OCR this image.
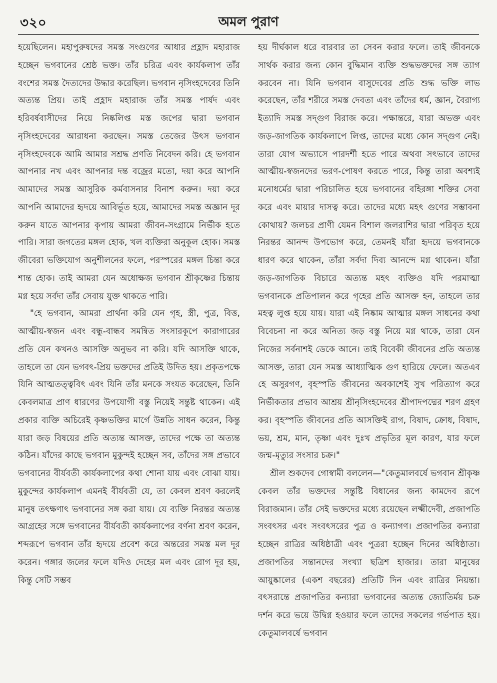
৩২০	অমল পুরাণ

হয়েছিলেন। মহাপুরুষদের সমস্ত সংগুণের আধার প্রহ্লাদ মহারাজ হচ্ছেন ভগবানের শ্রেষ্ঠ ভক্ত। তাঁর চরিত্র এবং কার্যকলাপ তাঁর বংশের সমস্ত দৈত্যদের উদ্ধার করেছিল। ভগবান নৃসিংহদেবের তিনি অত্যন্ত প্রিয়। তাই প্রহ্লাদ মহারাজ তাঁর সমস্ত পার্ষদ এবং হরিবর্ষবাসীদের নিয়ে নিষ্কলিপ্ত মস্ত জপের দ্বারা ভগবান নৃসিংহদেবের আরাধনা করছেন। সমস্ত তেজের উৎস ভগবান নৃসিংহদেবকে আমি আমার সশ্রদ্ধ প্রণতি নিবেদন করি। হে ভগবান আপনার নখ এবং আপনার দন্ত বজ্রের মতো, দয়া করে আপনি আমাদের সমস্ত আসুরিক কর্মবাসনার বিনাশ করুন। দয়া করে আপনি আমাদের হৃদয়ে আবির্ভূত হয়ে, আমাদের সমস্ত অজ্ঞান দূর করুন যাতে আপনার কৃপায় আমরা জীবন-সংগ্রামে নির্ভীক হতে পারি। সারা জগতের মঙ্গল হোক, খল ব্যক্তিরা অনুকূল হোক। সমস্ত জীবেরা ভক্তিযোগ অনুশীলনের ফলে, পরস্পরের মঙ্গল চিন্তা করে শান্ত হোক। তাই আমরা যেন অধোক্ষজ ভগবান শ্রীকৃষ্ণের চিন্তায় মগ্ন হয়ে সর্বদা তাঁর সেবায় যুক্ত থাকতে পারি।

"হে ভগবান, আমরা প্রার্থনা করি যেন গৃহ, স্ত্রী, পুত্র, বিত্ত, আত্মীয়-স্বজন এবং বন্ধু-বান্ধব সমন্বিত সংসারকূপে কারাগারের প্রতি যেন কখনও আসক্তি অনুভব না করি। যদি আসক্তি থাকে, তাহলে তা যেন ভগবৎ-প্রিয় ভক্তদের প্রতিই উদিত হয়। প্রকৃতপক্ষে যিনি আত্মতত্ত্ববিৎ এবং যিনি তাঁর মনকে সংযত করেছেন, তিনি কেবলমাত্র প্রাণ ধারণের উপযোগী বস্তু নিয়েই সন্তুষ্ট থাকেন। এই প্রকার ব্যক্তি অচিরেই কৃষ্ণভক্তির মার্গে উন্নতি সাধন করেন, কিন্তু যারা জড় বিষয়ের প্রতি অত্যন্ত আসক্ত, তাদের পক্ষে তা অত্যন্ত কঠিন। যাঁদের কাছে ভগবান মুকুন্দই হচ্ছেন সব, তাঁদের সঙ্গ প্রভাবে ভগবানের বীর্যবতী কার্যকলাপের কথা শোনা যায় এবং বোঝা যায়। মুকুন্দের কার্যকলাপ এমনই বীর্যবতী যে, তা কেবল শ্রবণ করলেই মানুষ তৎক্ষণাৎ ভগবানের সঙ্গ করা যায়। যে ব্যক্তি নিরন্তর অত্যন্ত আগ্রহের সঙ্গে ভগবানের বীর্যবতী কার্যকলাপের বর্ণনা শ্রবণ করেন, শব্দরূপে ভগবান তাঁর হৃদয়ে প্রবেশ করে অন্তরের সমস্ত মল দূর করেন। গঙ্গার জলের ফলে যদিও দেহের মল এবং রোগ দূর হয়, কিন্তু সেটি সম্ভব

হয় দীর্ঘকাল ধরে বারবার তা সেবন করার ফলে। তাই জীবনকে সার্থক করার জন্য কোন বুদ্ধিমান ব্যক্তি শুদ্ধভক্তদের সঙ্গ ত্যাগ করবেন না। যিনি ভগবান বাসুদেবের প্রতি শুদ্ধ ভক্তি লাভ করেছেন, তাঁর শরীরে সমস্ত দেবতা এবং তাঁদের ধর্ম, জ্ঞান, বৈরাগ্য ইত্যাদি সমস্ত সদ্গুণ বিরাজ করে। পক্ষান্তরে, যারা অভক্ত এবং জড়-জাগতিক কার্যকলাপে লিপ্ত, তাদের মধ্যে কোন সদ্গুণ নেই। তারা যোগ অভ্যাসে পারদর্শী হতে পারে অথবা সৎভাবে তাদের আত্মীয়-স্বজনদের ভরণ-পোষণ করতে পারে, কিন্তু তারা অবশ্যই মনোধর্মের দ্বারা পরিচালিত হয়ে ভগবানের বহিরঙ্গা শক্তির সেবা করে এবং মায়ার দাসত্ব করে। তাদের মধ্যে মহৎ গুণের সম্ভাবনা কোথায়? জলচর প্রাণী যেমন বিশাল জলরাশির দ্বারা পরিবৃত হয়ে নিরন্তর আনন্দ উপভোগ করে, তেমনই যাঁরা হৃদয়ে ভগবানকে ধারণ করে থাকেন, তাঁরা সর্বদা দিব্য আনন্দে মগ্ন থাকেন। যাঁরা জড়-জাগতিক বিচারে অত্যন্ত মহৎ ব্যক্তিও যদি পরমাত্মা ভগবানকে প্রতিপালন করে গৃহের প্রতি আসক্ত হন, তাহলে তার মহত্ব লুপ্ত হয়ে যায়। যারা এই নিষ্কাম আত্মার মঙ্গল সাধনের কথা বিবেচনা না করে অনিত্য জড় বস্তু নিয়ে মগ্ন থাকে, তারা যেন নিজের সর্বনাশই ডেকে আনে। তাই বিবেকী জীবনের প্রতি অত্যন্ত আসক্ত, তারা যেন সমস্ত আধ্যাত্মিক গুণ হারিয়ে ফেলে। অতএব হে অসুরগণ, বৃহস্পতি জীবনের অবকাশেই সুখ পরিত্যাগ করে নির্ভীকতার প্রভাব আশ্রয় শ্রীনৃসিংহদেবের শ্রীপাদপদ্মের শরণ গ্রহণ কর। বৃহস্পতি জীবনের প্রতি আসক্তিই রাগ, বিষাদ, ক্রোধ, বিষাদ, ভয়, শ্রম, মান, তৃষ্ণা এবং দুঃখ প্রভৃতির মূল কারণ, যার ফলে জন্ম-মৃত্যুর সংসার চক্র।"

শ্রীল শুকদেব গোস্বামী বললেন—"কেতুমালবর্ষে ভগবান শ্রীকৃষ্ণ কেবল তাঁর ভক্তদের সন্তুষ্টি বিধানের জন্য কামদেব রূপে বিরাজমান। তাঁর সেই ভক্তদের মধ্যে রয়েছেন লক্ষ্মীদেবী, প্রজাপতি সংবৎসর এবং সংবৎসরের পুত্র ও কন্যাগণ। প্রজাপতির কন্যারা হচ্ছেন রাত্রির অধিষ্ঠাত্রী এবং পুত্ররা হচ্ছেন দিনের অধিষ্ঠাতা। প্রজাপতির সন্তানদের সংখ্যা ছত্রিশ হাজার। তারা মানুষের আয়ুষ্কালের (একশ বছরের) প্রতিটি দিন এবং রাত্রির নিয়ন্তা। বৎসরান্তে প্রজাপতির কন্যারা ভগবানের অত্যন্ত জ্যোতির্ময় চক্র দর্শন করে ভয়ে উদ্বিগ্ন হওয়ার ফলে তাদের সকলের গর্ভপাত হয়। কেতুমালবর্ষে ভগবান
